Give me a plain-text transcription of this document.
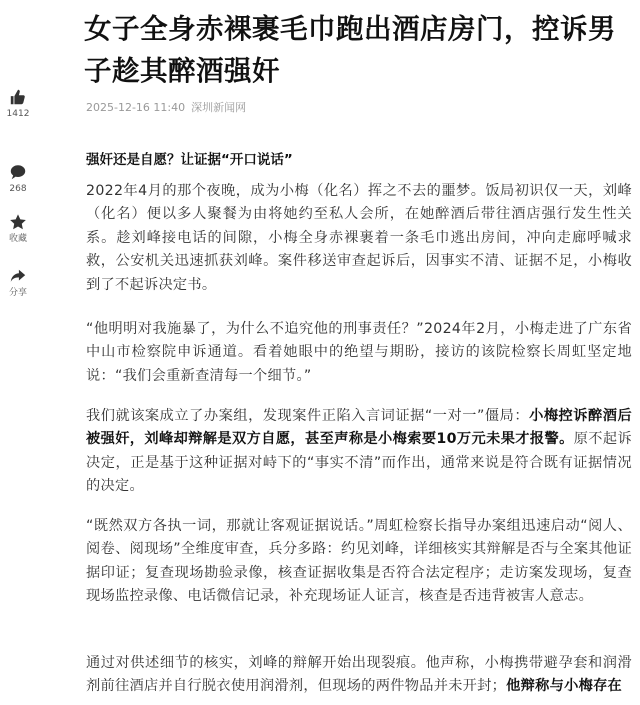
1412
268
收藏
分享
女子全身赤裸裹毛巾跑出酒店房门，控诉男子趁其醉酒强奸
2025-12-16 11:40 深圳新闻网
强奸还是自愿？让证据“开口说话”

2022年4月的那个夜晚，成为小梅（化名）挥之不去的噩梦。饭局初识仅一天，刘峰（化名）便以多人聚餐为由将她约至私人会所，在她醉酒后带往酒店强行发生性关系。趁刘峰接电话的间隙，小梅全身赤裸裹着一条毛巾逃出房间，冲向走廊呼喊求救，公安机关迅速抓获刘峰。案件移送审查起诉后，因事实不清、证据不足，小梅收到了不起诉决定书。

“他明明对我施暴了，为什么不追究他的刑事责任？”2024年2月，小梅走进了广东省中山市检察院申诉通道。看着她眼中的绝望与期盼，接访的该院检察长周虹坚定地说：“我们会重新查清每一个细节。”

我们就该案成立了办案组，发现案件正陷入言词证据“一对一”僵局：小梅控诉醉酒后被强奸，刘峰却辩解是双方自愿，甚至声称是小梅索要10万元未果才报警。原不起诉决定，正是基于这种证据对峙下的“事实不清”而作出，通常来说是符合既有证据情况的决定。

“既然双方各执一词，那就让客观证据说话。”周虹检察长指导办案组迅速启动“阅人、阅卷、阅现场”全维度审查，兵分多路：约见刘峰，详细核实其辩解是否与全案其他证据印证；复查现场勘验录像，核查证据收集是否符合法定程序；走访案发现场，复查现场监控录像、电话微信记录，补充现场证人证言，核查是否违背被害人意志。

通过对供述细节的核实，刘峰的辩解开始出现裂痕。他声称，小梅携带避孕套和润滑剂前往酒店并自行脱衣使用润滑剂，但现场的两件物品并未开封；他辩称与小梅存在
